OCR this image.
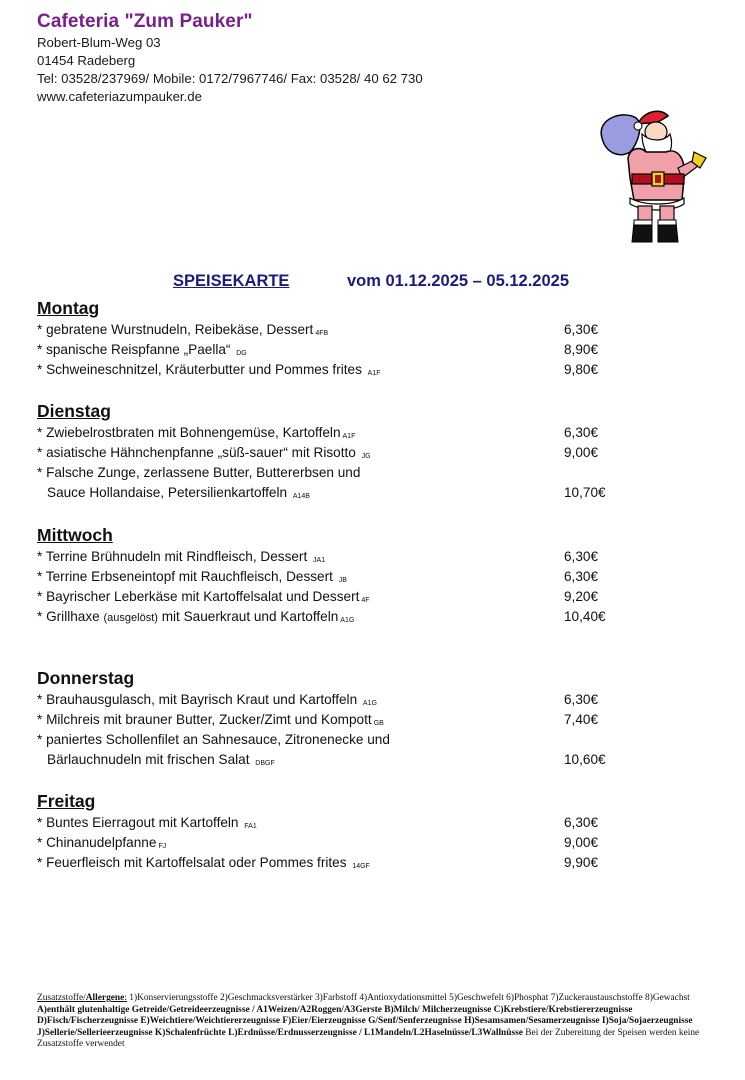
Cafeteria "Zum Pauker"
Robert-Blum-Weg 03
01454 Radeberg
Tel: 03528/237969/ Mobile: 0172/7967746/ Fax: 03528/ 40 62 730
www.cafeteriazumpauker.de
SPEISEKARTE	vom 01.12.2025 – 05.12.2025
Montag
* gebratene Wurstnudeln, Reibekäse, Dessert 4FB	6,30€
* spanische Reispfanne „Paella“ DG	8,90€
* Schweineschnitzel, Kräuterbutter und Pommes frites A1F	9,80€
Dienstag
* Zwiebelrostbraten mit Bohnengemüse, Kartoffeln A1F	6,30€
* asiatische Hähnchenpfanne „süß-sauer“ mit Risotto JG	9,00€
* Falsche Zunge, zerlassene Butter, Buttererbsen und
Sauce Hollandaise, Petersilienkartoffeln A14B	10,70€
Mittwoch
* Terrine Brühnudeln mit Rindfleisch, Dessert JA1	6,30€
* Terrine Erbseneintopf mit Rauchfleisch, Dessert JB	6,30€
* Bayrischer Leberkäse mit Kartoffelsalat und Dessert 4F	9,20€
* Grillhaxe (ausgelöst) mit Sauerkraut und Kartoffeln A1G	10,40€
Donnerstag
* Brauhausgulasch, mit Bayrisch Kraut und Kartoffeln A1G	6,30€
* Milchreis mit brauner Butter, Zucker/Zimt und Kompott GB	7,40€
* paniertes Schollenfilet an Sahnesauce, Zitronenecke und
Bärlauchnudeln mit frischen Salat DBGF	10,60€
Freitag
* Buntes Eierragout mit Kartoffeln FA1	6,30€
* Chinanudelpfanne FJ	9,00€
* Feuerfleisch mit Kartoffelsalat oder Pommes frites 14GF	9,90€
Zusatzstoffe/Allergene: 1)Konservierungsstoffe 2)Geschmacksverstärker 3)Farbstoff 4)Antioxydationsmittel 5)Geschwefelt 6)Phosphat 7)Zuckeraustauschstoffe 8)Gewachst A)enthält glutenhaltige Getreide/Getreideerzeugnisse / A1Weizen/A2Roggen/A3Gerste B)Milch/ Milcherzeugnisse C)Krebstiere/Krebstiererzeugnisse D)Fisch/Fischerzeugnisse E)Weichtiere/Weichtiererzeugnisse F)Eier/Eierzeugnisse G/Senf/Senferzeugnisse H)Sesamsamen/Sesamerzeugnisse I)Soja/Sojaerzeugnisse J)Sellerie/Sellerieerzeugnisse K)Schalenfrüchte L)Erdnüsse/Erdnusserzeugnisse / L1Mandeln/L2Haselnüsse/L3Wallnüsse Bei der Zubereitung der Speisen werden keine Zusatzstoffe verwendet
